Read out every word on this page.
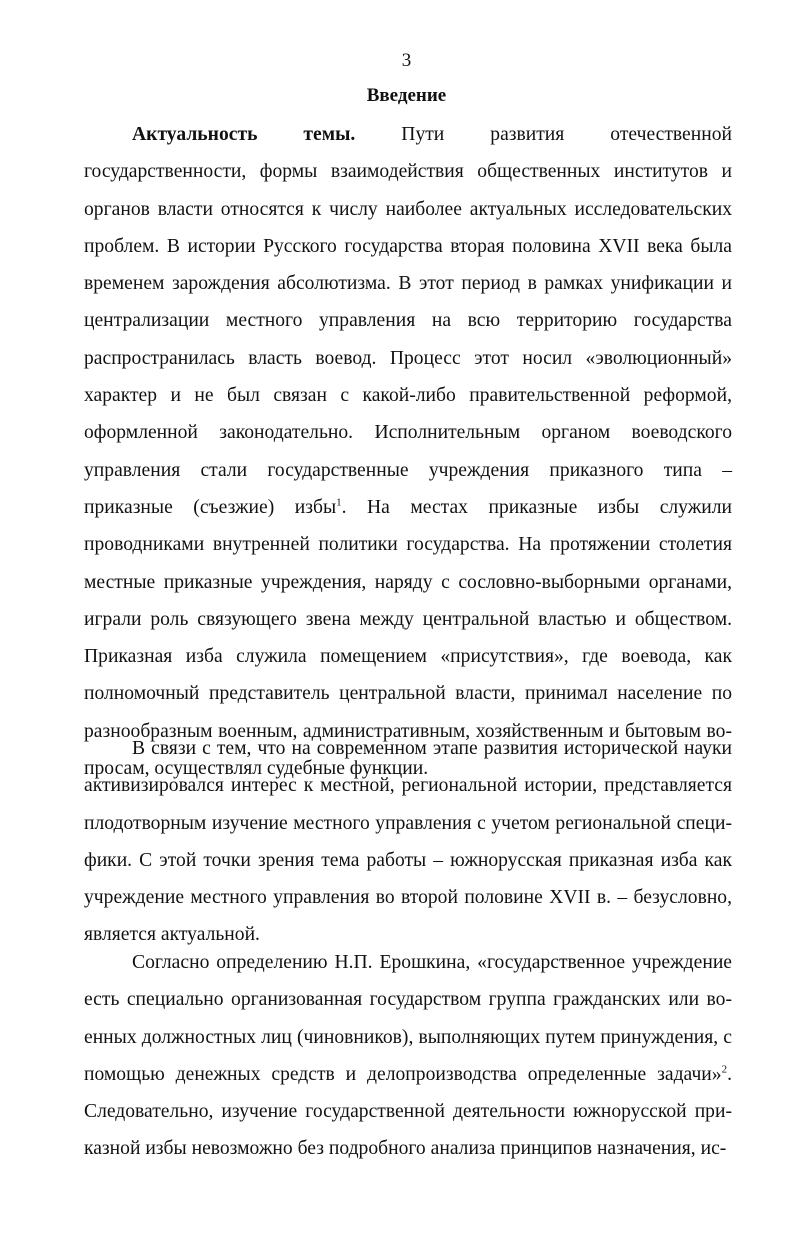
3

Введение

Актуальность темы. Пути развития отечественной государственности, формы взаимодействия общественных институтов и органов власти относятся к числу наиболее актуальных исследовательских проблем. В истории Русского государства вторая половина XVII века была временем зарождения абсолютизма. В этот период в рамках унификации и централизации местного управления на всю территорию государства распространилась власть воевод. Процесс этот носил «эволюционный» характер и не был связан с какой-либо правительственной реформой, оформленной законодательно. Исполнительным органом воеводского управления стали государственные учреждения приказного типа – приказные (съезжие) избы$^1$. На местах приказные избы служили проводниками внутренней политики государства. На протяжении столетия местные приказные учреждения, наряду с сословно-выборными органами, играли роль связующего звена между центральной властью и обществом. Приказная изба служила помещением «присутствия», где воевода, как полномочный представитель центральной власти, принимал население по разнообразным военным, административным, хозяйственным и бытовым вопросам, осуществлял судебные функции.

В связи с тем, что на современном этапе развития исторической науки активизировался интерес к местной, региональной истории, представляется плодотворным изучение местного управления с учетом региональной специфики. С этой точки зрения тема работы – южнорусская приказная изба как учреждение местного управления во второй половине XVII в. – безусловно, является актуальной.

Согласно определению Н.П. Ерошкина, «государственное учреждение есть специально организованная государством группа гражданских или военных должностных лиц (чиновников), выполняющих путем принуждения, с помощью денежных средств и делопроизводства определенные задачи»$^2$. Следовательно, изучение государственной деятельности южнорусской приказной избы невозможно без подробного анализа принципов назначения, ис-
